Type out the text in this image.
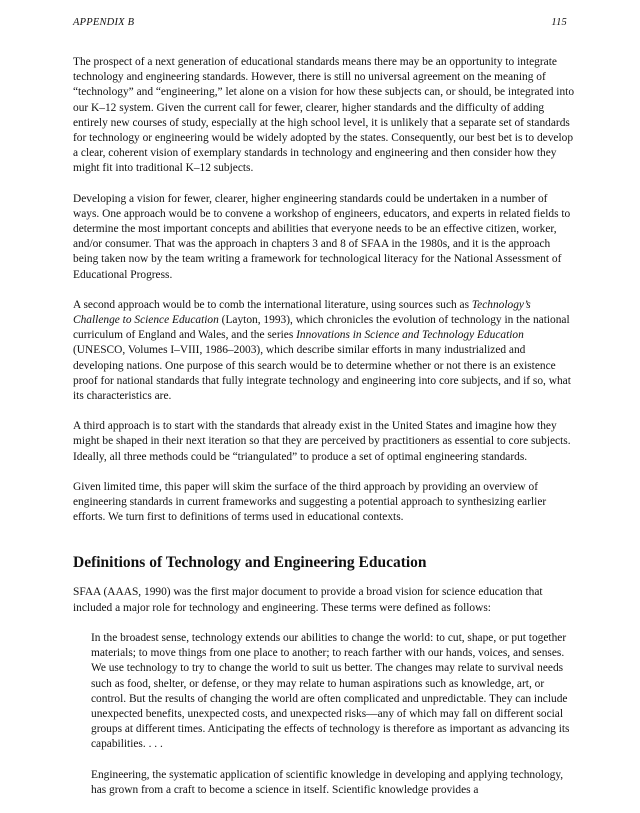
APPENDIX B	115

The prospect of a next generation of educational standards means there may be an opportunity to integrate technology and engineering standards. However, there is still no universal agreement on the meaning of “technology” and “engineering,” let alone on a vision for how these subjects can, or should, be integrated into our K–12 system. Given the current call for fewer, clearer, higher standards and the difficulty of adding entirely new courses of study, especially at the high school level, it is unlikely that a separate set of standards for technology or engineering would be widely adopted by the states. Consequently, our best bet is to develop a clear, coherent vision of exemplary standards in technology and engineering and then consider how they might fit into traditional K–12 subjects.

Developing a vision for fewer, clearer, higher engineering standards could be undertaken in a number of ways. One approach would be to convene a workshop of engineers, educators, and experts in related fields to determine the most important concepts and abilities that everyone needs to be an effective citizen, worker, and/or consumer. That was the approach in chapters 3 and 8 of SFAA in the 1980s, and it is the approach being taken now by the team writing a framework for technological literacy for the National Assessment of Educational Progress.

A second approach would be to comb the international literature, using sources such as Technology’s Challenge to Science Education (Layton, 1993), which chronicles the evolution of technology in the national curriculum of England and Wales, and the series Innovations in Science and Technology Education (UNESCO, Volumes I–VIII, 1986–2003), which describe similar efforts in many industrialized and developing nations. One purpose of this search would be to determine whether or not there is an existence proof for national standards that fully integrate technology and engineering into core subjects, and if so, what its characteristics are.

A third approach is to start with the standards that already exist in the United States and imagine how they might be shaped in their next iteration so that they are perceived by practitioners as essential to core subjects. Ideally, all three methods could be “triangulated” to produce a set of optimal engineering standards.

Given limited time, this paper will skim the surface of the third approach by providing an overview of engineering standards in current frameworks and suggesting a potential approach to synthesizing earlier efforts. We turn first to definitions of terms used in educational contexts.

Definitions of Technology and Engineering Education

SFAA (AAAS, 1990) was the first major document to provide a broad vision for science education that included a major role for technology and engineering. These terms were defined as follows:

In the broadest sense, technology extends our abilities to change the world: to cut, shape, or put together materials; to move things from one place to another; to reach farther with our hands, voices, and senses. We use technology to try to change the world to suit us better. The changes may relate to survival needs such as food, shelter, or defense, or they may relate to human aspirations such as knowledge, art, or control. But the results of changing the world are often complicated and unpredictable. They can include unexpected benefits, unexpected costs, and unexpected risks—any of which may fall on different social groups at different times. Anticipating the effects of technology is therefore as important as advancing its capabilities. . . .

Engineering, the systematic application of scientific knowledge in developing and applying technology, has grown from a craft to become a science in itself. Scientific knowledge provides a
